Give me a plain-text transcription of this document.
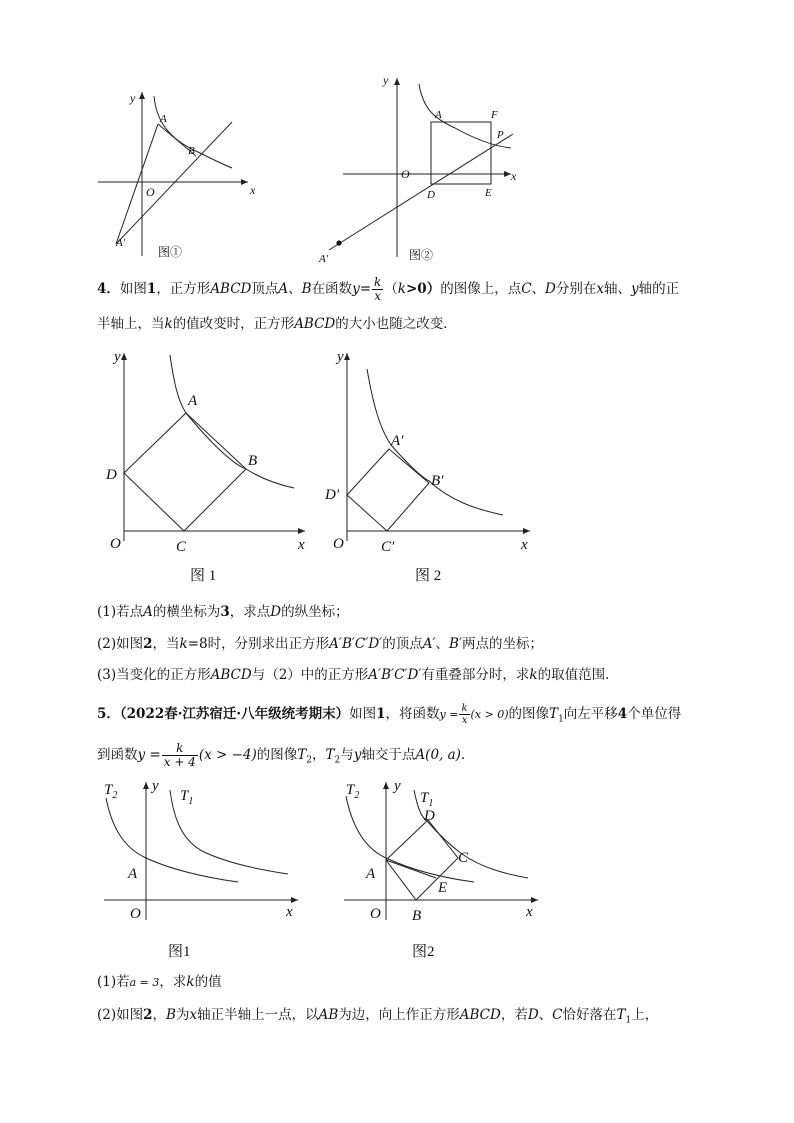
x
y
O
A
B
A′
图①
x
y
O
A	F
P
D	E
A′	图②
4．如图1，正方形ABCD顶点A、B在函数$y= \frac{k}{x} (k>0)$的图像上，点C、D分别在x轴、y轴的正
半轴上，当k的值改变时，正方形ABCD的大小也随之改变．
A
B
D
O	C
y
x
图 1
A′
B′
D′
O C′
y
x
图 2
(1)若点A的横坐标为3，求点D的纵坐标；
(2)如图2，当k=8时，分别求出正方形A′B′C′D′的顶点A′、B′两点的坐标；
(3)当变化的正方形ABCD与（2）中的正方形A′B′C′D′有重叠部分时，求k的取值范围．
5．（2022春·江苏宿迁·八年级统考期末）如图1，将函数$y = \frac{k}{x} (x > 0)$的图像$T_1$向左平移4个单位得
到函数$y = \frac{k}{x + 4} (x > -4)$的图像$T_2$，$T_2$与y轴交于点A(0, a)．
$T_2$
y
$T_1$
A
O	x
图1
$T_2$
y
$T_1$
D
C
A
E
O B	x
图2
(1)若a = 3，求k的值
(2)如图2，B为x轴正半轴上一点，以AB为边，向上作正方形ABCD，若D、C恰好落在$T_1$上，
